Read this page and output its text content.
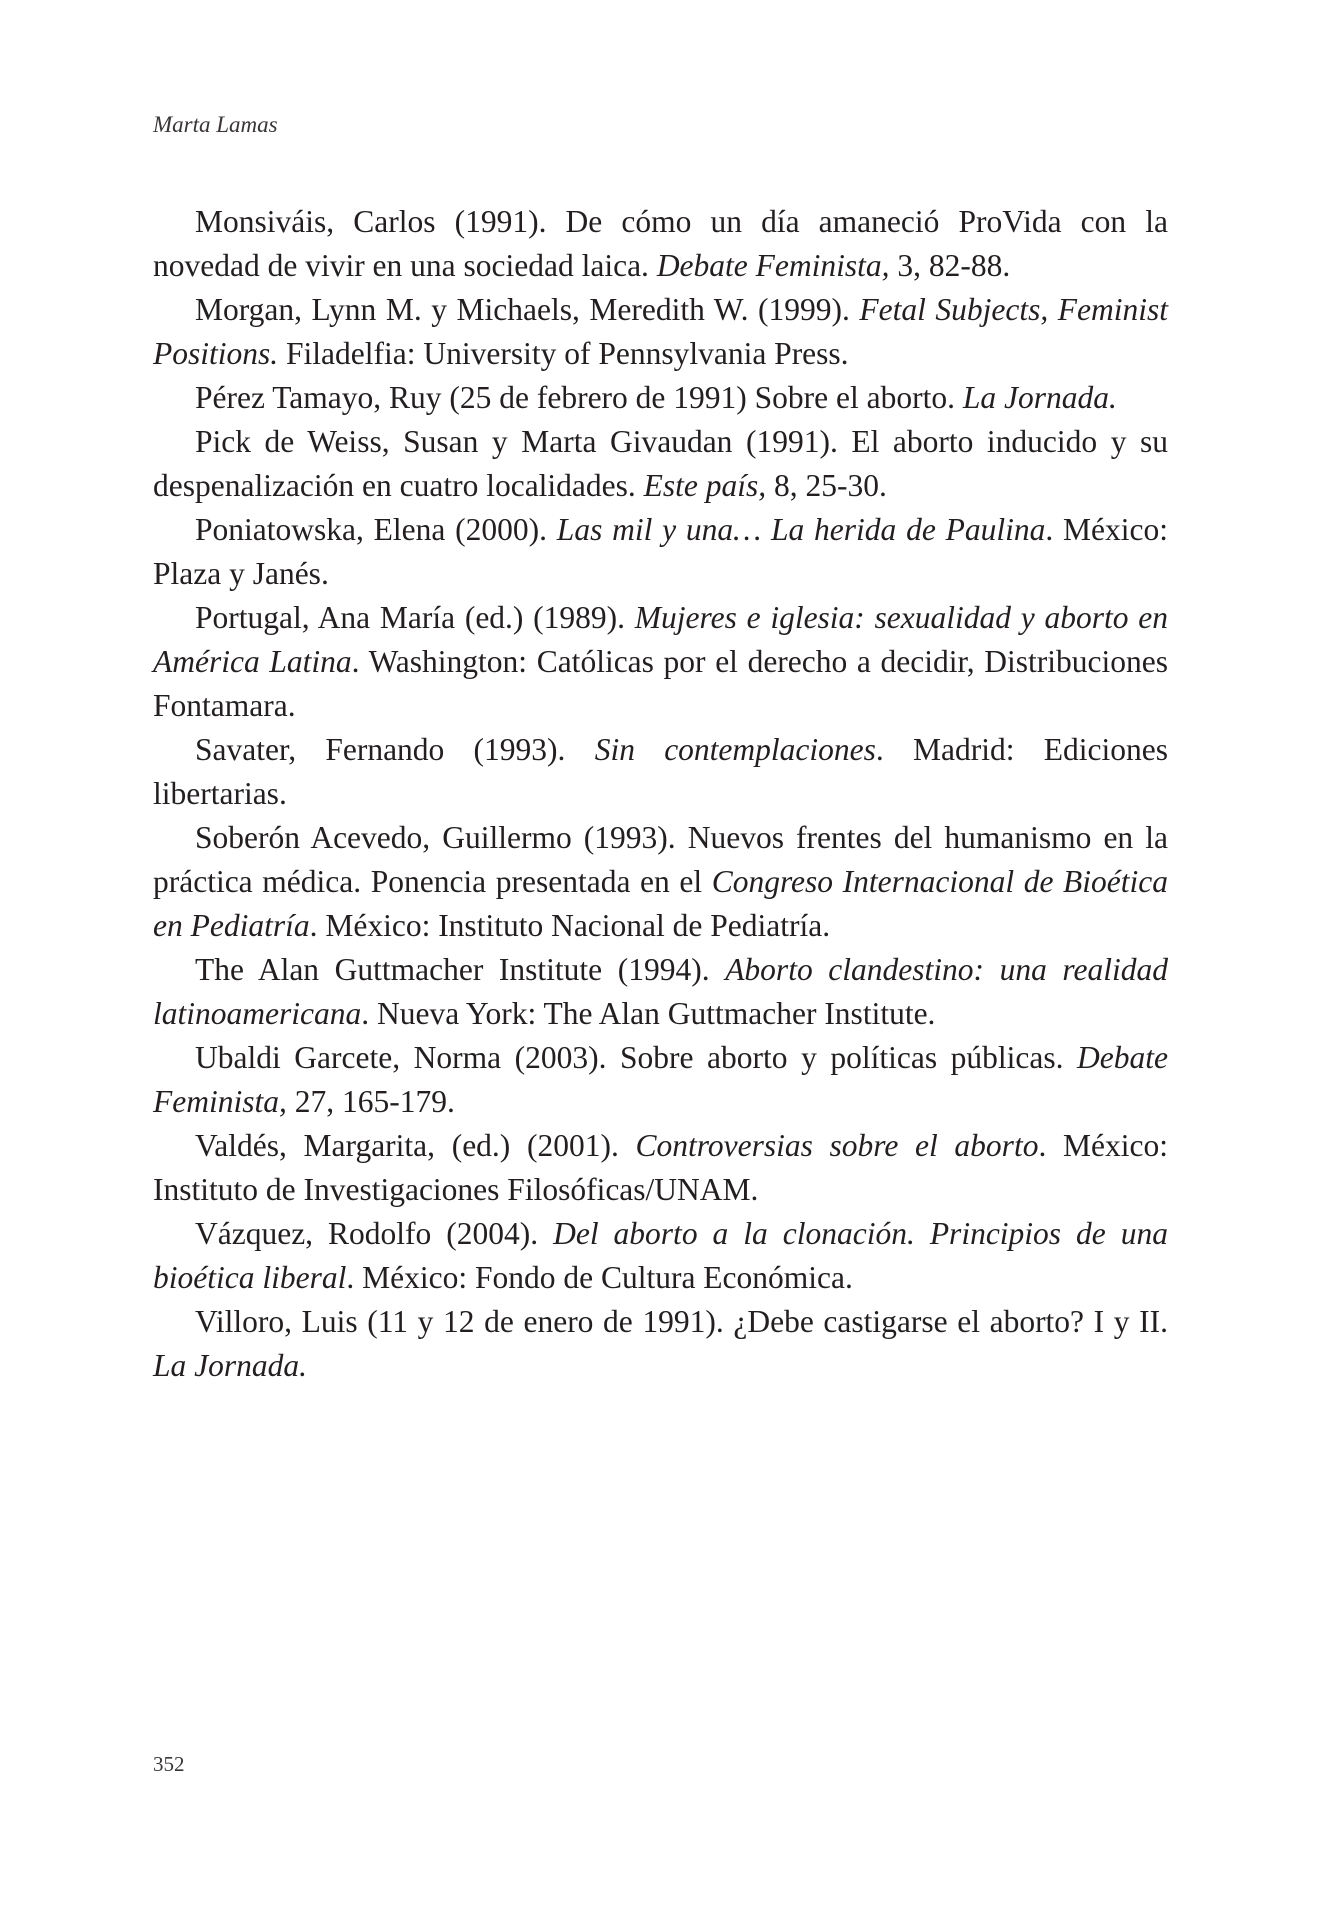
Marta Lamas

Monsiváis, Carlos (1991). De cómo un día amaneció ProVida con la novedad de vivir en una sociedad laica. Debate Feminista, 3, 82-88.

Morgan, Lynn M. y Michaels, Meredith W. (1999). Fetal Subjects, Feminist Positions. Filadelfia: University of Pennsylvania Press.

Pérez Tamayo, Ruy (25 de febrero de 1991) Sobre el aborto. La Jornada.

Pick de Weiss, Susan y Marta Givaudan (1991). El aborto inducido y su despenalización en cuatro localidades. Este país, 8, 25-30.

Poniatowska, Elena (2000). Las mil y una… La herida de Paulina. México: Plaza y Janés.

Portugal, Ana María (ed.) (1989). Mujeres e iglesia: sexualidad y aborto en América Latina. Washington: Católicas por el derecho a decidir, Distribuciones Fontamara.

Savater, Fernando (1993). Sin contemplaciones. Madrid: Ediciones libertarias.

Soberón Acevedo, Guillermo (1993). Nuevos frentes del humanismo en la práctica médica. Ponencia presentada en el Congreso Internacional de Bioética en Pediatría. México: Instituto Nacional de Pediatría.

The Alan Guttmacher Institute (1994). Aborto clandestino: una realidad latinoamericana. Nueva York: The Alan Guttmacher Institute.

Ubaldi Garcete, Norma (2003). Sobre aborto y políticas públicas. Debate Feminista, 27, 165-179.

Valdés, Margarita, (ed.) (2001). Controversias sobre el aborto. México: Instituto de Investigaciones Filosóficas/UNAM.

Vázquez, Rodolfo (2004). Del aborto a la clonación. Principios de una bioética liberal. México: Fondo de Cultura Económica.

Villoro, Luis (11 y 12 de enero de 1991). ¿Debe castigarse el aborto? I y II. La Jornada.

352
